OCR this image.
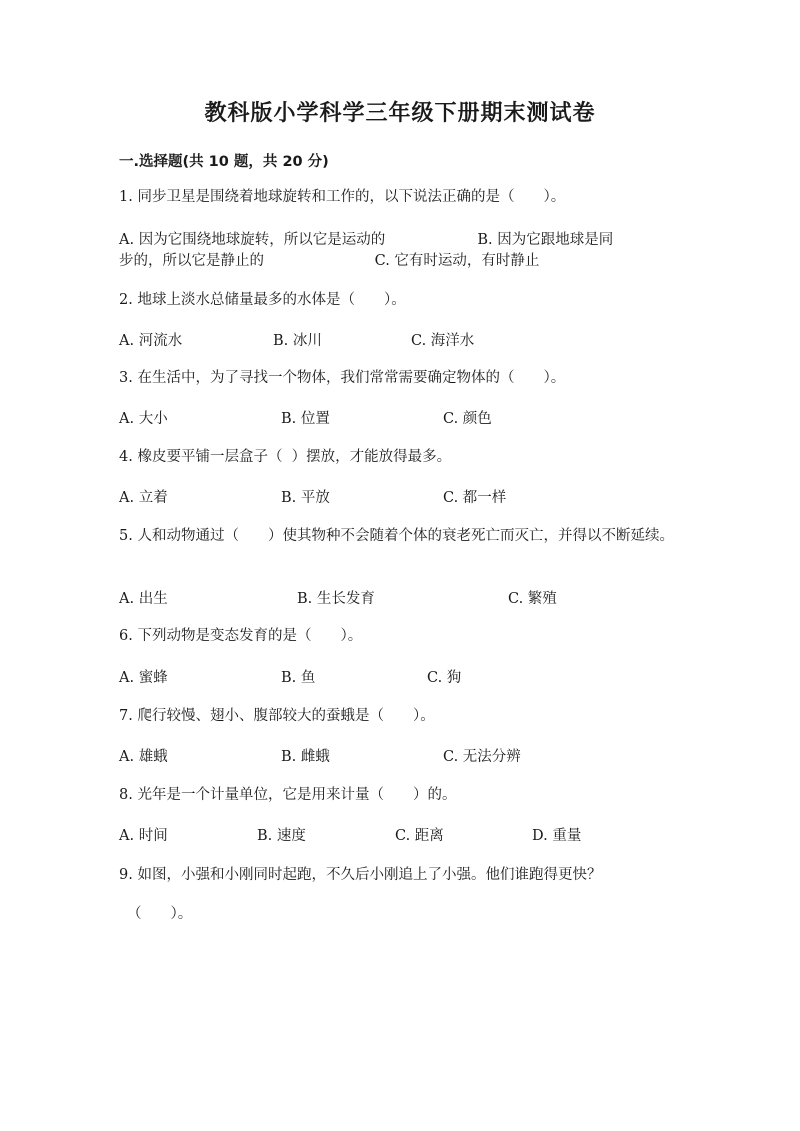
教科版小学科学三年级下册期末测试卷
一.选择题(共 10 题，共 20 分)
1. 同步卫星是围绕着地球旋转和工作的，以下说法正确的是（　　）。
A. 因为它围绕地球旋转，所以它是运动的                    B. 因为它跟地球是同
步的，所以它是静止的                        C. 它有时运动，有时静止
2. 地球上淡水总储量最多的水体是（　　）。
A. 河流水	B. 冰川	C. 海洋水
3. 在生活中，为了寻找一个物体，我们常常需要确定物体的（　　）。
A. 大小	B. 位置	C. 颜色
4. 橡皮要平铺一层盒子（  ）摆放，才能放得最多。
A. 立着	B. 平放	C. 都一样
5. 人和动物通过（　　）使其物种不会随着个体的衰老死亡而灭亡，并得以不断延续。
A. 出生	B. 生长发育	C. 繁殖
6. 下列动物是变态发育的是（　　）。
A. 蜜蜂	B. 鱼	C. 狗
7. 爬行较慢、翅小、腹部较大的蚕蛾是（　　）。
A. 雄蛾	B. 雌蛾	C. 无法分辨
8. 光年是一个计量单位，它是用来计量（　　）的。
A. 时间	B. 速度	C. 距离	D. 重量
9. 如图，小强和小刚同时起跑，不久后小刚追上了小强。他们谁跑得更快？
（　　）。
